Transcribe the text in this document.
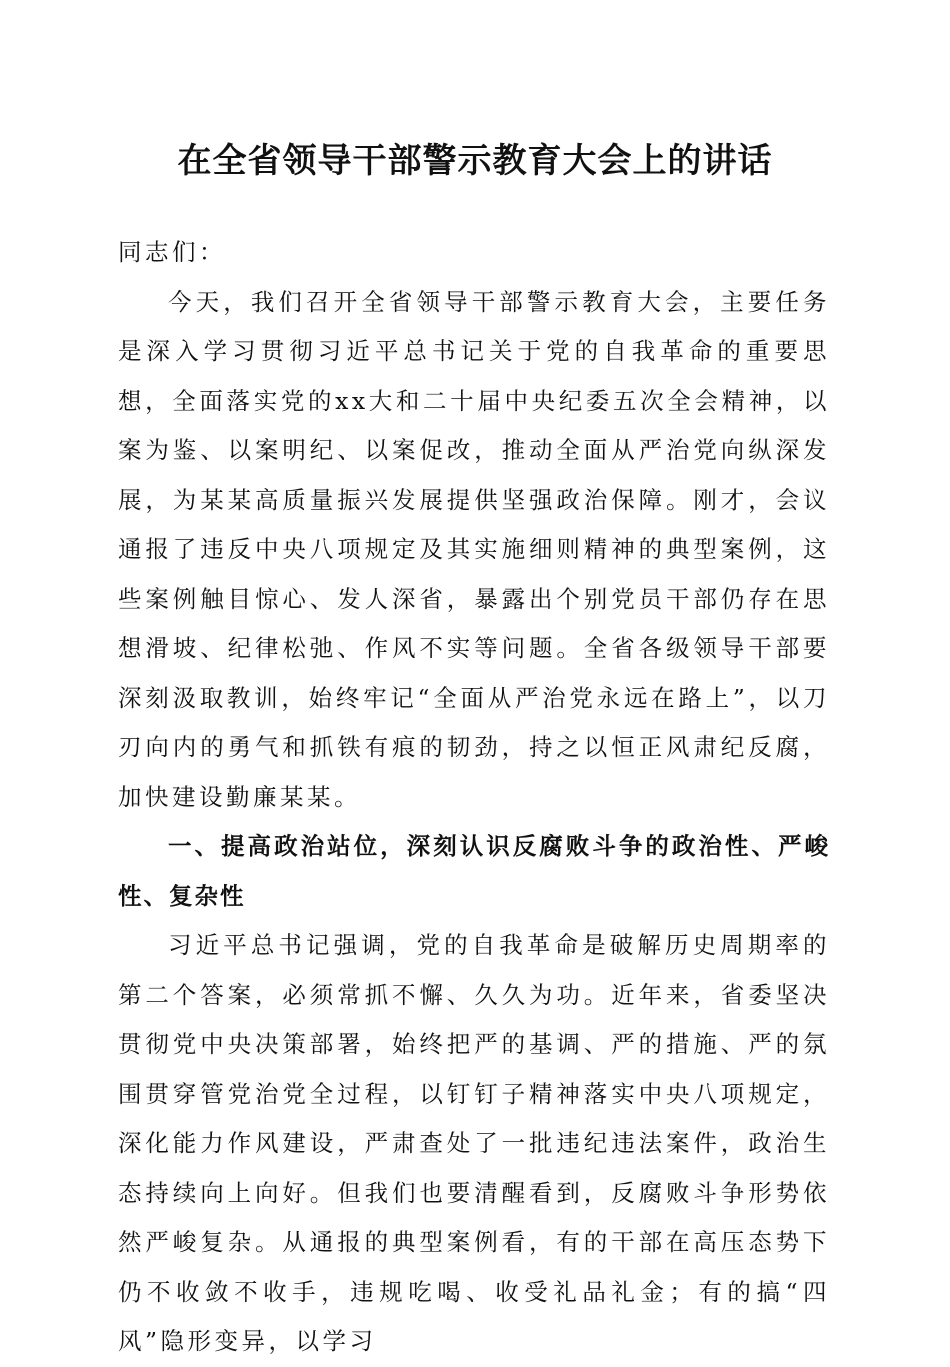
在全省领导干部警示教育大会上的讲话

同志们：

今天，我们召开全省领导干部警示教育大会，主要任务是深入学习贯彻习近平总书记关于党的自我革命的重要思想，全面落实党的xx大和二十届中央纪委五次全会精神，以案为鉴、以案明纪、以案促改，推动全面从严治党向纵深发展，为某某高质量振兴发展提供坚强政治保障。刚才，会议通报了违反中央八项规定及其实施细则精神的典型案例，这些案例触目惊心、发人深省，暴露出个别党员干部仍存在思想滑坡、纪律松弛、作风不实等问题。全省各级领导干部要深刻汲取教训，始终牢记“全面从严治党永远在路上”，以刀刃向内的勇气和抓铁有痕的韧劲，持之以恒正风肃纪反腐，加快建设勤廉某某。

一、提高政治站位，深刻认识反腐败斗争的政治性、严峻性、复杂性

习近平总书记强调，党的自我革命是破解历史周期率的第二个答案，必须常抓不懈、久久为功。近年来，省委坚决贯彻党中央决策部署，始终把严的基调、严的措施、严的氛围贯穿管党治党全过程，以钉钉子精神落实中央八项规定，深化能力作风建设，严肃查处了一批违纪违法案件，政治生态持续向上向好。但我们也要清醒看到，反腐败斗争形势依然严峻复杂。从通报的典型案例看，有的干部在高压态势下仍不收敛不收手，违规吃喝、收受礼品礼金；有的搞“四风”隐形变异，以学习
